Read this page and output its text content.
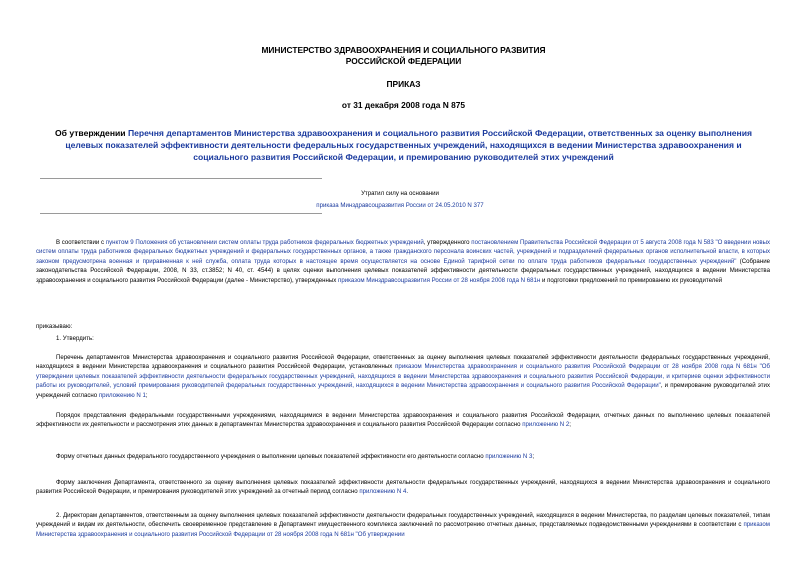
МИНИСТЕРСТВО ЗДРАВООХРАНЕНИЯ И СОЦИАЛЬНОГО РАЗВИТИЯ
РОССИЙСКОЙ ФЕДЕРАЦИИ
ПРИКАЗ
от 31 декабря 2008 года N 875
Об утверждении Перечня департаментов Министерства здравоохранения и социального развития Российской Федерации, ответственных за оценку выполнения целевых показателей эффективности деятельности федеральных государственных учреждений, находящихся в ведении Министерства здравоохранения и социального развития Российской Федерации, и премированию руководителей этих учреждений
Утратил силу на основании
приказа Минздравсоцразвития России от 24.05.2010 N 377

В соответствии с пунктом 9 Положения об установлении систем оплаты труда работников федеральных бюджетных учреждений, утвержденного постановлением Правительства Российской Федерации от 5 августа 2008 года N 583 "О введении новых систем оплаты труда работников федеральных бюджетных учреждений и федеральных государственных органов, а также гражданского персонала воинских частей, учреждений и подразделений федеральных органов исполнительной власти, в которых законом предусмотрена военная и приравненная к ней служба, оплата труда которых в настоящее время осуществляется на основе Единой тарифной сетки по оплате труда работников федеральных государственных учреждений" (Собрание законодательства Российской Федерации, 2008, N 33, ст.3852; N 40, ст. 4544) в целях оценки выполнения целевых показателей эффективности деятельности федеральных государственных учреждений, находящихся в ведении Министерства здравоохранения и социального развития Российской Федерации (далее - Министерство), утвержденных приказом Минздравсоцразвития России от 28 ноября 2008 года N 681н и подготовки предложений по премированию их руководителей

приказываю:

1. Утвердить:

Перечень департаментов Министерства здравоохранения и социального развития Российской Федерации, ответственных за оценку выполнения целевых показателей эффективности деятельности федеральных государственных учреждений, находящихся в ведении Министерства здравоохранения и социального развития Российской Федерации, установленных приказом Министерства здравоохранения и социального развития Российской Федерации от 28 ноября 2008 года N 681н "Об утверждении целевых показателей эффективности деятельности федеральных государственных учреждений, находящихся в ведении Министерства здравоохранения и социального развития Российской Федерации, и критериев оценки эффективности работы их руководителей, условий премирования руководителей федеральных государственных учреждений, находящихся в ведении Министерства здравоохранения и социального развития Российской Федерации", и премирование руководителей этих учреждений согласно приложению N 1;

Порядок представления федеральными государственными учреждениями, находящимися в ведении Министерства здравоохранения и социального развития Российской Федерации, отчетных данных по выполнению целевых показателей эффективности их деятельности и рассмотрения этих данных в департаментах Министерства здравоохранения и социального развития Российской Федерации согласно приложению N 2;

Форму отчетных данных федерального государственного учреждения о выполнении целевых показателей эффективности его деятельности согласно приложению N 3;

Форму заключения Департамента, ответственного за оценку выполнения целевых показателей эффективности деятельности федеральных государственных учреждений, находящихся в ведении Министерства здравоохранения и социального развития Российской Федерации, и премирования руководителей этих учреждений за отчетный период согласно приложению N 4.

2. Директорам департаментов, ответственным за оценку выполнения целевых показателей эффективности деятельности федеральных государственных учреждений, находящихся в ведении Министерства, по разделам целевых показателей, типам учреждений и видам их деятельности, обеспечить своевременное представление в Департамент имущественного комплекса заключений по рассмотрению отчетных данных, представляемых подведомственными учреждениями в соответствии с приказом Министерства здравоохранения и социального развития Российской Федерации от 28 ноября 2008 года N 681н "Об утверждении
